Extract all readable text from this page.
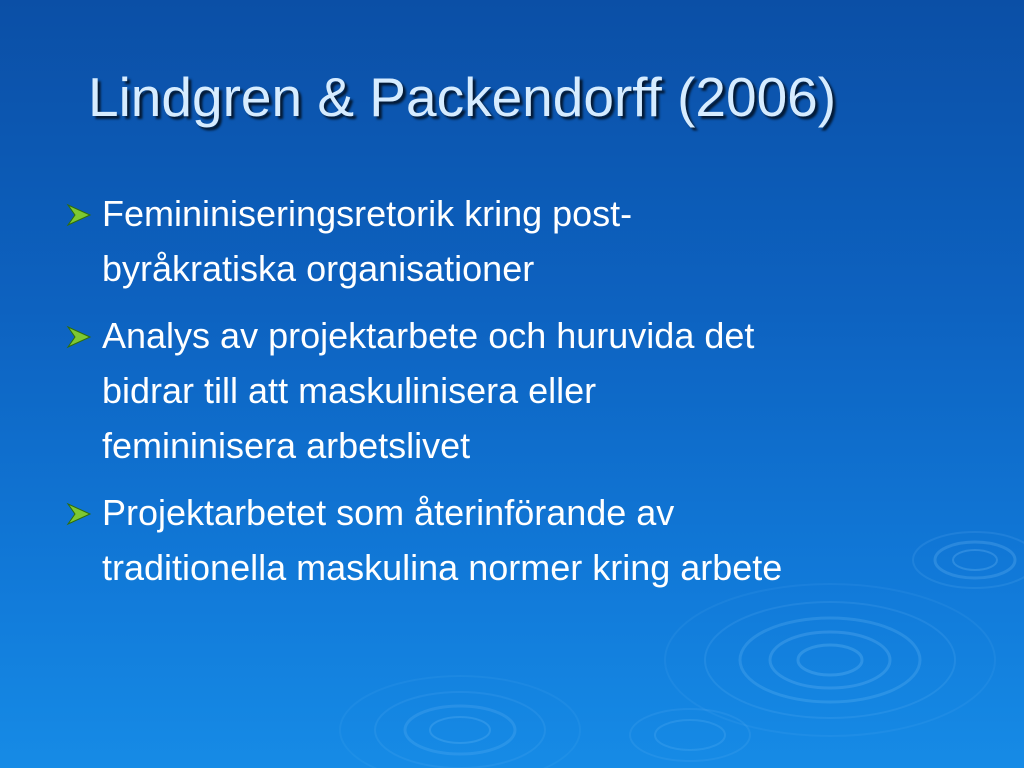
Lindgren & Packendorff (2006)
Femininiseringsretorik kring post-
byråkratiska organisationer
Analys av projektarbete och huruvida det
bidrar till att maskulinisera eller
femininisera arbetslivet
Projektarbetet som återinförande av
traditionella maskulina normer kring arbete
